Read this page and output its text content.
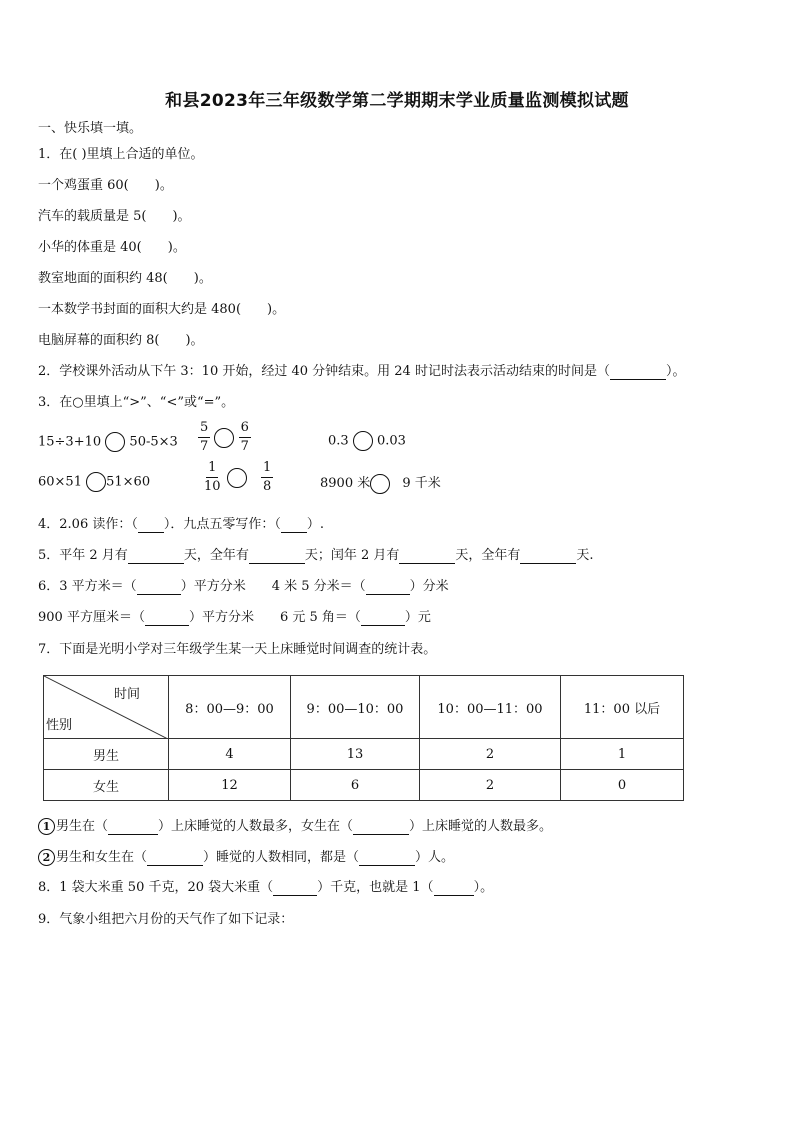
和县2023年三年级数学第二学期期末学业质量监测模拟试题
一、快乐填一填。
1．在( )里填上合适的单位。
一个鸡蛋重 60( )。
汽车的载质量是 5( )。
小华的体重是 40( )。
教室地面的面积约 48( )。
一本数学书封面的面积大约是 480( )。
电脑屏幕的面积约 8( )。
2．学校课外活动从下午 3：10 开始，经过 40 分钟结束。用 24 时记时法表示活动结束的时间是（	）。
3．在○里填上“>”、“<”或“=”。
15÷3+10 $50-5\times 3 \frac{5}{7}$
$\frac{6}{7}$	0.3 0.03
60×51 51×60	$\frac{1}{10}$
	$\frac{1}{8}$	8900 米 9 千米
4．2.06 读作：（ ）．九点五零写作：（ ）.
5．平年 2 月有	天，全年有	天；闰年 2 月有	天，全年有	天.
6．3 平方米＝（	）平方分米 4 米 5 分米＝（	）分米
900 平方厘米＝（	）平方分米 6 元 5 角＝（	）元
7．下面是光明小学对三年级学生某一天上床睡觉时间调查的统计表。
时间
性别	8：00—9：00	9：00—10：00	10：00—11：00	11：00 以后
男生	4	13	2	1
女生	12	6	2	0
1 男生在（	）上床睡觉的人数最多，女生在（	）上床睡觉的人数最多。
2 男生和女生在（	）睡觉的人数相同，都是（	）人。
8．1 袋大米重 50 千克，20 袋大米重（	）千克，也就是 1（	）。
9．气象小组把六月份的天气作了如下记录：
